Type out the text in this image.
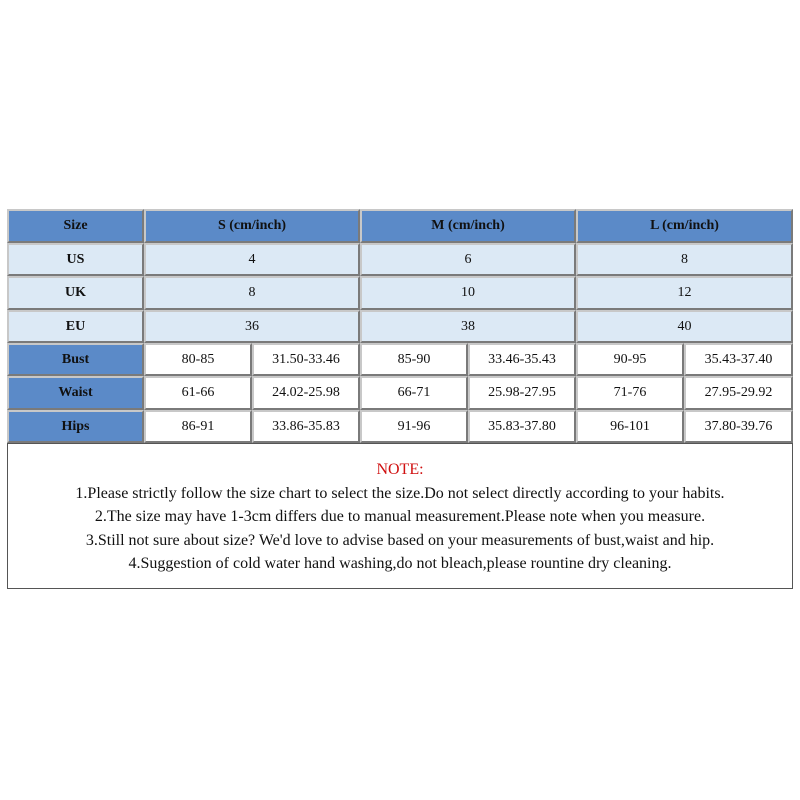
Size	S (cm/inch)	M (cm/inch)	L (cm/inch)
US	4	6	8
UK	8	10	12
EU	36	38	40
Bust	80-85	31.50-33.46	85-90	33.46-35.43	90-95	35.43-37.40
Waist	61-66	24.02-25.98	66-71	25.98-27.95	71-76	27.95-29.92
Hips	86-91	33.86-35.83	91-96	35.83-37.80	96-101	37.80-39.76
NOTE:
1.Please strictly follow the size chart to select the size.Do not select directly according to your habits.
2.The size may have 1-3cm differs due to manual measurement.Please note when you measure.
3.Still not sure about size? We'd love to advise based on your measurements of bust,waist and hip.
4.Suggestion of cold water hand washing,do not bleach,please rountine dry cleaning.
